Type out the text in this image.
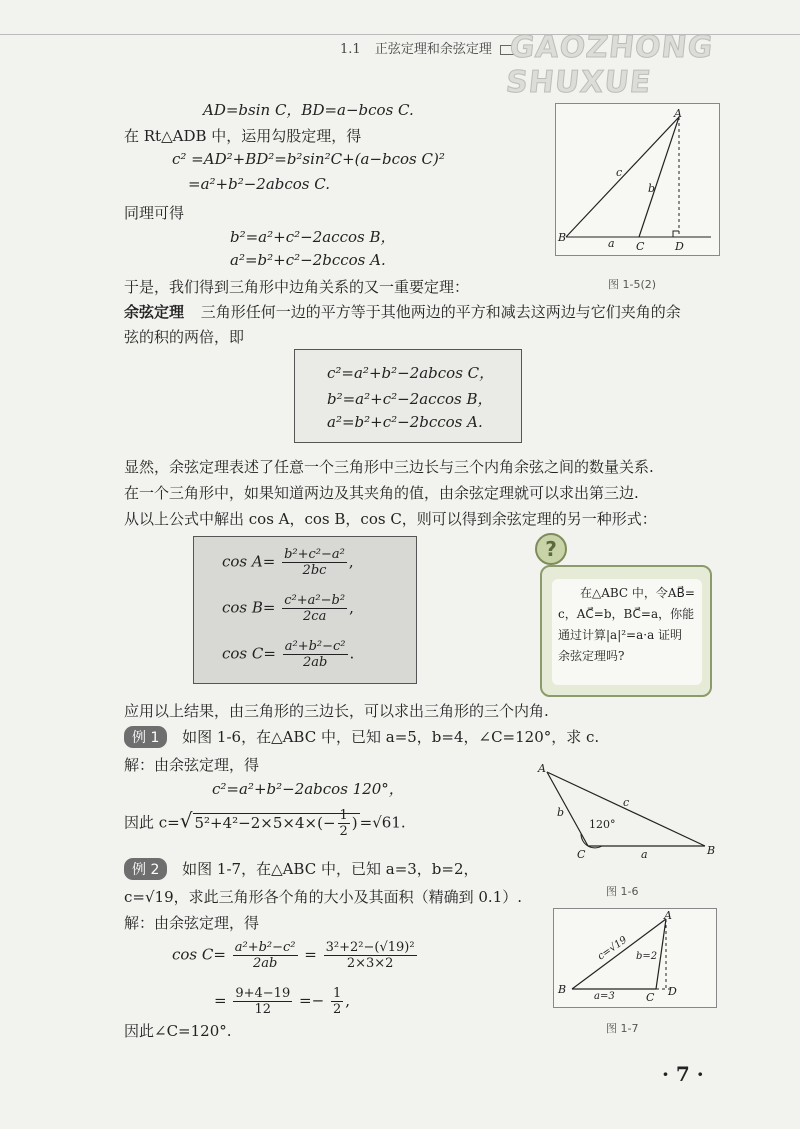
1.1 正弦定理和余弦定理 GAOZHONG SHUXUE
AD=bsin C，BD=a−bcos C.
在 Rt△ADB 中，运用勾股定理，得
c² =AD²+BD²=b²sin²C+(a−bcos C)²
=a²+b²−2abcos C.
同理可得
b²=a²+c²−2accos B，
a²=b²+c²−2bccos A.
于是，我们得到三角形中边角关系的又一重要定理：
余弦定理 三角形任何一边的平方等于其他两边的平方和减去这两边与它们夹角的余
弦的积的两倍，即
A
B
C	D
a
b
c
图 1-5(2)
c²=a²+b²−2abcos C，
b²=a²+c²−2accos B，
a²=b²+c²−2bccos A.
显然，余弦定理表述了任意一个三角形中三边长与三个内角余弦之间的数量关系.
在一个三角形中，如果知道两边及其夹角的值，由余弦定理就可以求出第三边.
从以上公式中解出 cos A，cos B，cos C，则可以得到余弦定理的另一种形式：
$\cos A= \frac{\text{b²+c²−a²}}{2bc}$ ,
$\cos B= \frac{\text{c²+a²−b²}}{2ca}$ ,
$\cos C= \frac{\text{a²+b²−c²}}{2ab}$ .
?
在△ABC 中，令AB⃗=
c，AC⃗=b，BC⃗=a，你能
通过计算|a|²=a·a 证明
余弦定理吗?
应用以上结果，由三角形的三边长，可以求出三角形的三个内角.
例 1 如图 1-6，在△ABC 中，已知 a=5，b=4，∠C=120°，求 c.
解：由余弦定理，得
c²=a²+b²−2abcos 120°，
因此 c=√ $5^2+4^2-2\times 5\times 4\times(- \frac{1}{2}$ ) =√61.
A
B
C	a
b
c
120°
图 1-6
例 2 如图 1-7，在△ABC 中，已知 a=3，b=2，
c=√19，求此三角形各个角的大小及其面积（精确到 0.1）.
解：由余弦定理，得
$\cos C= \frac{\text{a²+b²−c²}}{2ab} = \frac{\text{3²+2²−(√19)²}}{2\times 3\times 2}$
= $\frac{9+4-19}{12} =- \frac{1}{2}$ ,
因此∠C=120°.
A
B
C D
a=3
b=2
c=√19
图 1-7
· 7 ·
